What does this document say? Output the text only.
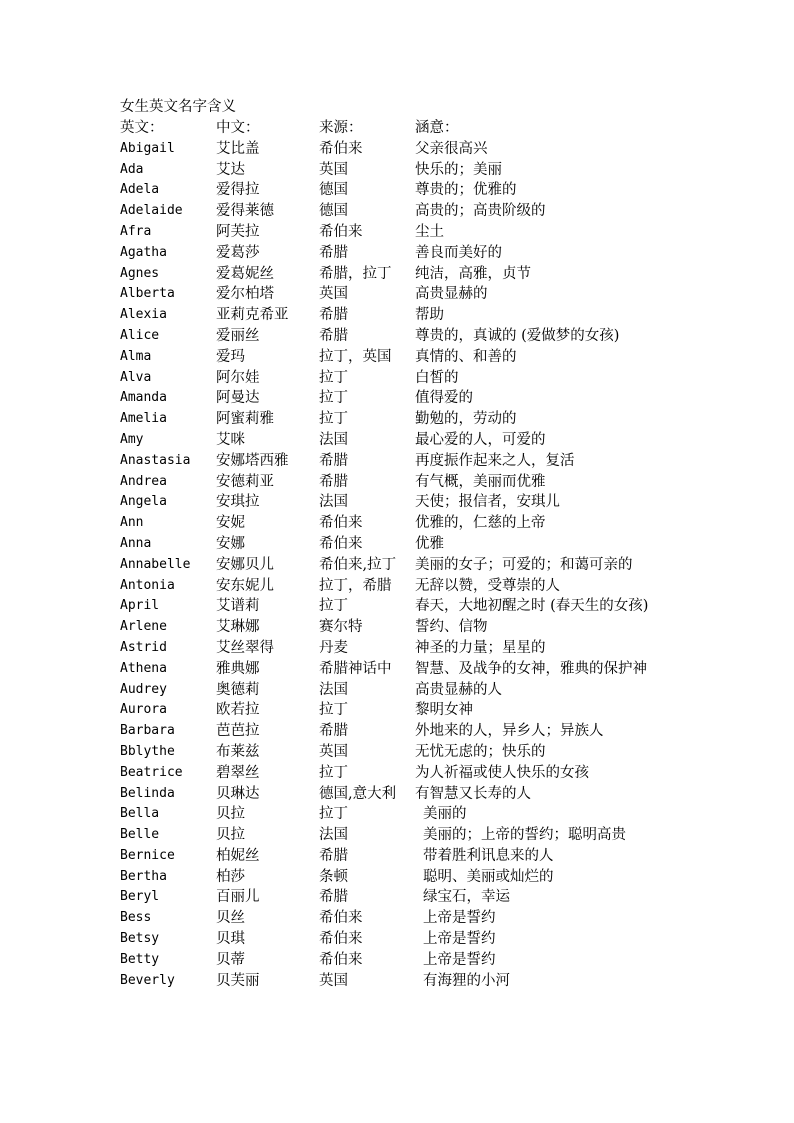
女生英文名字含义
英文：	中文：	来源：	涵意：
Abigail	艾比盖	希伯来	父亲很高兴
Ada	艾达	英国	快乐的；美丽
Adela	爱得拉	德国	尊贵的；优雅的
Adelaide	爱得莱德	德国	高贵的；高贵阶级的
Afra	阿芙拉	希伯来	尘土
Agatha	爱葛莎	希腊	善良而美好的
Agnes	爱葛妮丝	希腊，拉丁	纯洁，高雅，贞节
Alberta	爱尔柏塔	英国	高贵显赫的
Alexia	亚莉克希亚	希腊	帮助
Alice	爱丽丝	希腊	尊贵的，真诚的 (爱做梦的女孩)
Alma	爱玛	拉丁，英国	真情的、和善的
Alva	阿尔娃	拉丁	白皙的
Amanda	阿曼达	拉丁	值得爱的
Amelia	阿蜜莉雅	拉丁	勤勉的，劳动的
Amy	艾咪	法国	最心爱的人，可爱的
Anastasia	安娜塔西雅	希腊	再度振作起来之人，复活
Andrea	安德莉亚	希腊	有气概，美丽而优雅
Angela	安琪拉	法国	天使；报信者，安琪儿
Ann	安妮	希伯来	优雅的，仁慈的上帝
Anna	安娜	希伯来	优雅
Annabelle	安娜贝儿	希伯来,拉丁	美丽的女子；可爱的；和蔼可亲的
Antonia	安东妮儿	拉丁，希腊	无辞以赞，受尊崇的人
April	艾谱莉	拉丁	春天，大地初醒之时 (春天生的女孩)
Arlene	艾琳娜	赛尔特	誓约、信物
Astrid	艾丝翠得	丹麦	神圣的力量；星星的
Athena	雅典娜	希腊神话中	智慧、及战争的女神，雅典的保护神
Audrey	奥德莉	法国	高贵显赫的人
Aurora	欧若拉	拉丁	黎明女神
Barbara	芭芭拉	希腊	外地来的人，异乡人；异族人
Bblythe	布莱兹	英国	无忧无虑的；快乐的
Beatrice	碧翠丝	拉丁	为人祈福或使人快乐的女孩
Belinda	贝琳达	德国,意大利	有智慧又长寿的人
Bella	贝拉	拉丁	美丽的
Belle	贝拉	法国	美丽的；上帝的誓约；聪明高贵
Bernice	柏妮丝	希腊	带着胜利讯息来的人
Bertha	柏莎	条顿	聪明、美丽或灿烂的
Beryl	百丽儿	希腊	绿宝石，幸运
Bess	贝丝	希伯来	上帝是誓约
Betsy	贝琪	希伯来	上帝是誓约
Betty	贝蒂	希伯来	上帝是誓约
Beverly	贝芙丽	英国	有海狸的小河
